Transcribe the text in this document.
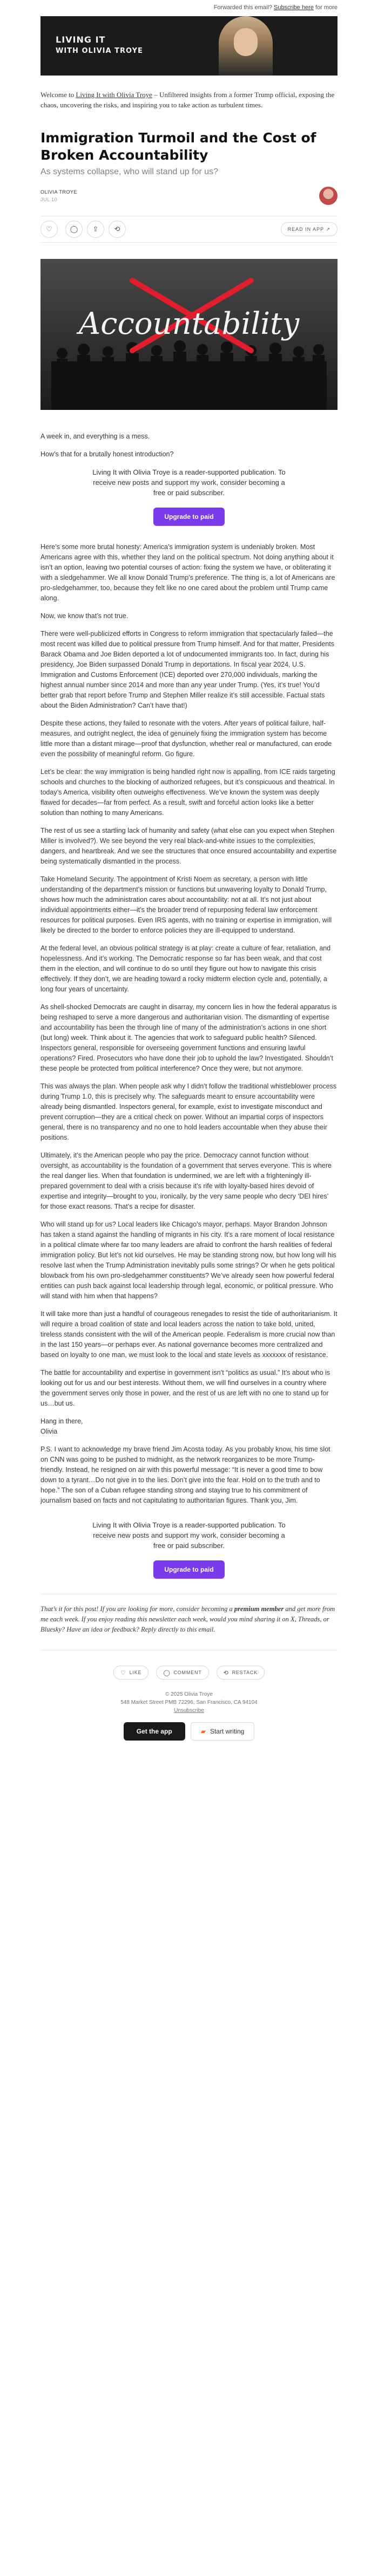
Forwarded this email? Subscribe here for more
LIVING IT
WITH OLIVIA TROYE
Welcome to Living It with Olivia Troye – Unfiltered insights from a former Trump official, exposing the chaos, uncovering the risks, and inspiring you to take action as turbulent times.
Immigration Turmoil and the Cost of Broken Accountability
As systems collapse, who will stand up for us?
OLIVIA TROYE
JUL 10
♡	◯ ⇪ ⟲	READ IN APP ↗
Accountability

A week in, and everything is a mess.

How’s that for a brutally honest introduction?

Living It with Olivia Troye is a reader-supported publication. To receive new posts and support my work, consider becoming a free or paid subscriber.
Upgrade to paid

Here’s some more brutal honesty: America’s immigration system is undeniably broken. Most Americans agree with this, whether they land on the political spectrum. Not doing anything about it isn’t an option, leaving two potential courses of action: fixing the system we have, or obliterating it with a sledgehammer. We all know Donald Trump’s preference. The thing is, a lot of Americans are pro-sledgehammer, too, because they felt like no one cared about the problem until Trump came along.

Now, we know that’s not true.

There were well-publicized efforts in Congress to reform immigration that spectacularly failed—the most recent was killed due to political pressure from Trump himself. And for that matter, Presidents Barack Obama and Joe Biden deported a lot of undocumented immigrants too. In fact, during his presidency, Joe Biden surpassed Donald Trump in deportations. In fiscal year 2024, U.S. Immigration and Customs Enforcement (ICE) deported over 270,000 individuals, marking the highest annual number since 2014 and more than any year under Trump. (Yes, it’s true! You’d better grab that report before Trump and Stephen Miller realize it’s still accessible. Factual stats about the Biden Administration? Can’t have that!)

Despite these actions, they failed to resonate with the voters. After years of political failure, half-measures, and outright neglect, the idea of genuinely fixing the immigration system has become little more than a distant mirage—proof that dysfunction, whether real or manufactured, can erode even the possibility of meaningful reform. Go figure.

Let’s be clear: the way immigration is being handled right now is appalling, from ICE raids targeting schools and churches to the blocking of authorized refugees, but it’s conspicuous and theatrical. In today’s America, visibility often outweighs effectiveness. We’ve known the system was deeply flawed for decades—far from perfect. As a result, swift and forceful action looks like a better solution than nothing to many Americans.

The rest of us see a startling lack of humanity and safety (what else can you expect when Stephen Miller is involved?). We see beyond the very real black-and-white issues to the complexities, dangers, and heartbreak. And we see the structures that once ensured accountability and expertise being systematically dismantled in the process.

Take Homeland Security. The appointment of Kristi Noem as secretary, a person with little understanding of the department’s mission or functions but unwavering loyalty to Donald Trump, shows how much the administration cares about accountability: not at all. It’s not just about individual appointments either—it’s the broader trend of repurposing federal law enforcement resources for political purposes. Even IRS agents, with no training or expertise in immigration, will likely be directed to the border to enforce policies they are ill-equipped to understand.

At the federal level, an obvious political strategy is at play: create a culture of fear, retaliation, and hopelessness. And it’s working. The Democratic response so far has been weak, and that cost them in the election, and will continue to do so until they figure out how to navigate this crisis effectively. If they don’t, we are heading toward a rocky midterm election cycle and, potentially, a long four years of uncertainty.

As shell-shocked Democrats are caught in disarray, my concern lies in how the federal apparatus is being reshaped to serve a more dangerous and authoritarian vision. The dismantling of expertise and accountability has been the through line of many of the administration’s actions in one short (but long) week. Think about it. The agencies that work to safeguard public health? Silenced. Inspectors general, responsible for overseeing government functions and ensuring lawful operations? Fired. Prosecutors who have done their job to uphold the law? Investigated. Shouldn’t these people be protected from political interference? Once they were, but not anymore.

This was always the plan. When people ask why I didn’t follow the traditional whistleblower process during Trump 1.0, this is precisely why. The safeguards meant to ensure accountability were already being dismantled. Inspectors general, for example, exist to investigate misconduct and prevent corruption—they are a critical check on power. Without an impartial corps of inspectors general, there is no transparency and no one to hold leaders accountable when they abuse their positions.

Ultimately, it’s the American people who pay the price. Democracy cannot function without oversight, as accountability is the foundation of a government that serves everyone. This is where the real danger lies. When that foundation is undermined, we are left with a frighteningly ill-prepared government to deal with a crisis because it’s rife with loyalty-based hires devoid of expertise and integrity—brought to you, ironically, by the very same people who decry ‘DEI hires’ for those exact reasons. That’s a recipe for disaster.

Who will stand up for us? Local leaders like Chicago’s mayor, perhaps. Mayor Brandon Johnson has taken a stand against the handling of migrants in his city. It’s a rare moment of local resistance in a political climate where far too many leaders are afraid to confront the harsh realities of federal immigration policy. But let’s not kid ourselves. He may be standing strong now, but how long will his resolve last when the Trump Administration inevitably pulls some strings? Or when he gets political blowback from his own pro-sledgehammer constituents? We’ve already seen how powerful federal entities can push back against local leadership through legal, economic, or political pressure. Who will stand with him when that happens?

It will take more than just a handful of courageous renegades to resist the tide of authoritarianism. It will require a broad coalition of state and local leaders across the nation to take bold, united, tireless stands consistent with the will of the American people. Federalism is more crucial now than in the last 150 years—or perhaps ever. As national governance becomes more centralized and based on loyalty to one man, we must look to the local and state levels as xxxxxxx of resistance.

The battle for accountability and expertise in government isn’t “politics as usual.” It’s about who is looking out for us and our best interests. Without them, we will find ourselves in a country where the government serves only those in power, and the rest of us are left with no one to stand up for us…but us.

Hang in there,
Olivia

P.S. I want to acknowledge my brave friend Jim Acosta today. As you probably know, his time slot on CNN was going to be pushed to midnight, as the network reorganizes to be more Trump-friendly. Instead, he resigned on air with this powerful message: “It is never a good time to bow down to a tyrant…Do not give in to the lies. Don’t give into the fear. Hold on to the truth and to hope.” The son of a Cuban refugee standing strong and staying true to his commitment of journalism based on facts and not capitulating to authoritarian figures. Thank you, Jim.

Living It with Olivia Troye is a reader-supported publication. To receive new posts and support my work, consider becoming a free or paid subscriber.
Upgrade to paid
That’s it for this post! If you are looking for more, consider becoming a premium member and get more from me each week. If you enjoy reading this newsletter each week, would you mind sharing it on X, Threads, or Bluesky? Have an idea or feedback? Reply directly to this email.
♡ LIKE	◯ COMMENT	⟲ RESTACK
© 2025 Olivia Troye
548 Market Street PMB 72296, San Francisco, CA 94104
Unsubscribe
Get the app	▰ Start writing
